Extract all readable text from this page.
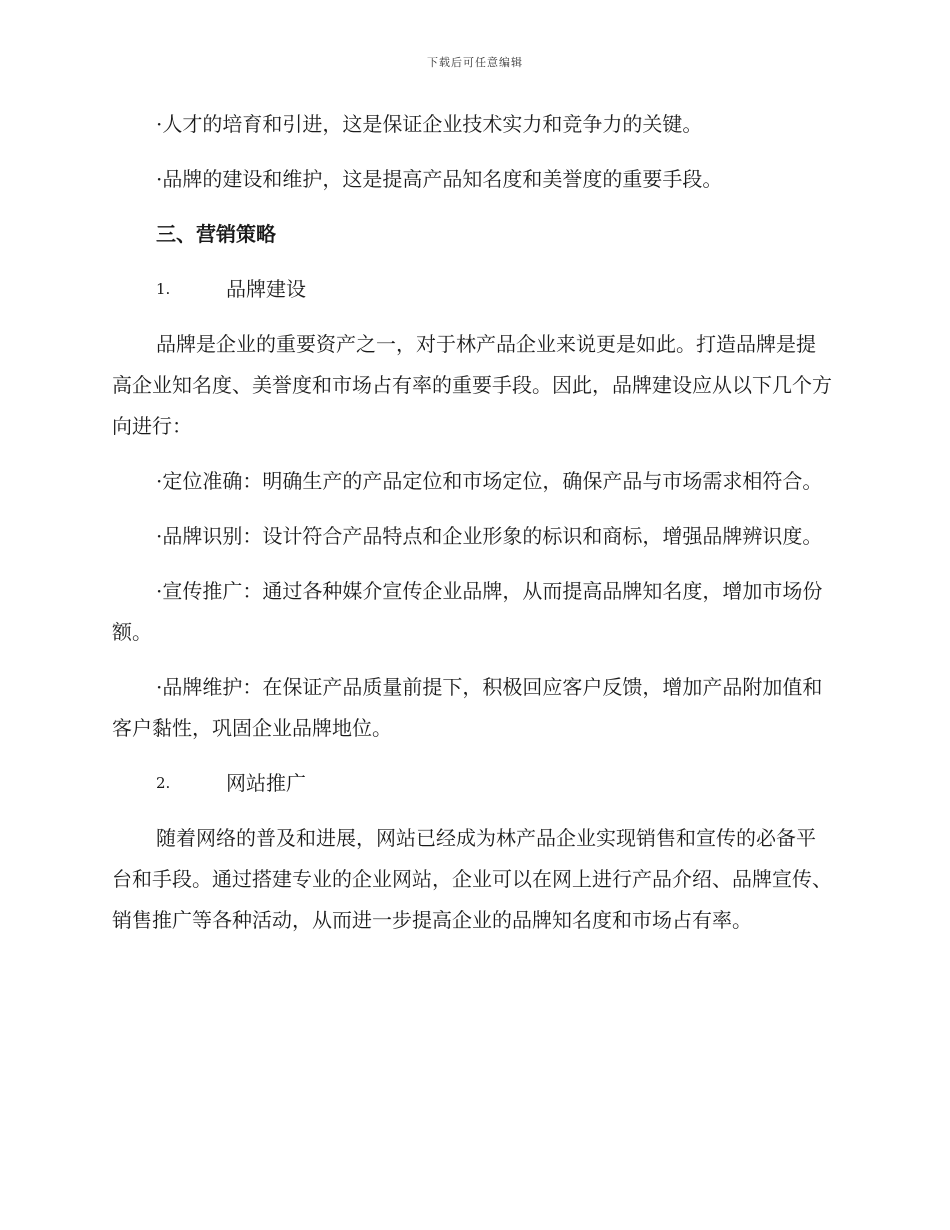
下载后可任意编辑

·人才的培育和引进，这是保证企业技术实力和竞争力的关键。

·品牌的建设和维护，这是提高产品知名度和美誉度的重要手段。

三、营销策略
1.	品牌建设

品牌是企业的重要资产之一，对于林产品企业来说更是如此。打造品牌是提高企业知名度、美誉度和市场占有率的重要手段。因此，品牌建设应从以下几个方向进行：

·定位准确：明确生产的产品定位和市场定位，确保产品与市场需求相符合。

·品牌识别：设计符合产品特点和企业形象的标识和商标，增强品牌辨识度。

·宣传推广：通过各种媒介宣传企业品牌，从而提高品牌知名度，增加市场份额。

·品牌维护：在保证产品质量前提下，积极回应客户反馈，增加产品附加值和客户黏性，巩固企业品牌地位。

2.	网站推广

随着网络的普及和进展，网站已经成为林产品企业实现销售和宣传的必备平台和手段。通过搭建专业的企业网站，企业可以在网上进行产品介绍、品牌宣传、销售推广等各种活动，从而进一步提高企业的品牌知名度和市场占有率。
